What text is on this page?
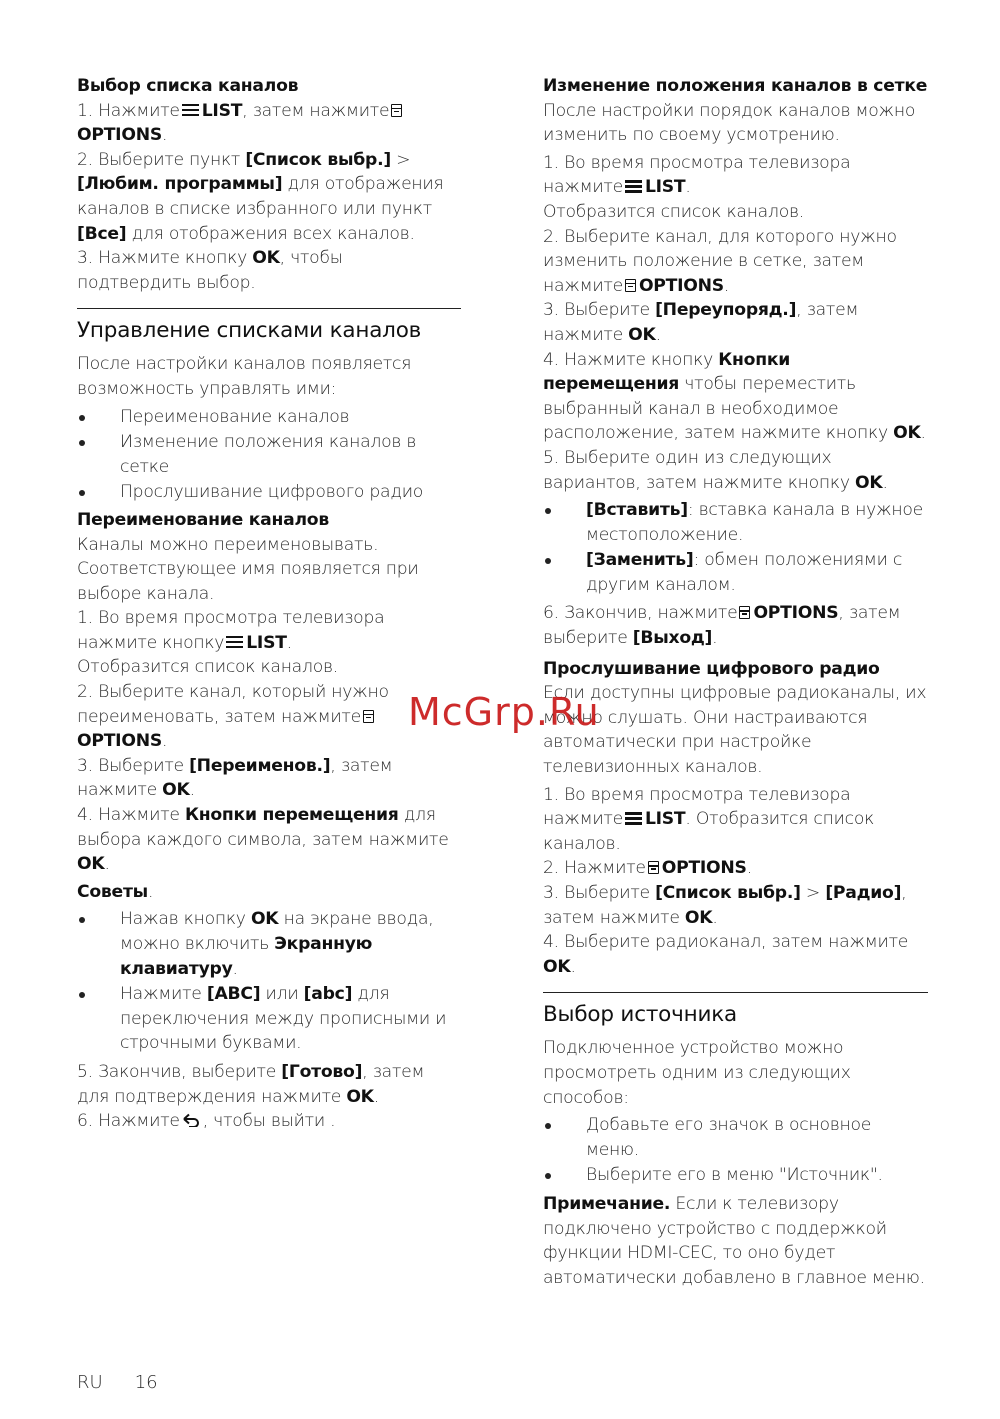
Выбор списка каналов

1. Нажмите LIST, затем нажмите
OPTIONS.

2. Выберите пункт [Список выбр.] > [Любим. программы] для отображения каналов в списке избранного или пункт [Все] для отображения всех каналов.

3. Нажмите кнопку OK, чтобы подтвердить выбор.

Управление списками каналов

После настройки каналов появляется возможность управлять ими:

Переименование каналов
Изменение положения каналов в сетке
Прослушивание цифрового радио
Переименование каналов

Каналы можно переименовывать. Соответствующее имя появляется при выборе канала.

1. Во время просмотра телевизора нажмите кнопку LIST.

Отобразится список каналов.

2. Выберите канал, который нужно переименовать, затем нажмите
OPTIONS.

3. Выберите [Переименов.], затем нажмите OK.

4. Нажмите Кнопки перемещения для выбора каждого символа, затем нажмите OK.

Советы.

Нажав кнопку OK на экране ввода, можно включить Экранную клавиатуру.
Нажмите [ABC] или [abc] для переключения между прописными и строчными буквами.

5. Закончив, выберите [Готово], затем для подтверждения нажмите OK.

6. Нажмите , чтобы выйти .

Изменение положения каналов в сетке

После настройки порядок каналов можно изменить по своему усмотрению.

1. Во время просмотра телевизора нажмите LIST.

Отобразится список каналов.

2. Выберите канал, для которого нужно изменить положение в сетке, затем нажмите OPTIONS.

3. Выберите [Переупоряд.], затем нажмите OK.

4. Нажмите кнопку Кнопки перемещения чтобы переместить выбранный канал в необходимое расположение, затем нажмите кнопку OK.

5. Выберите один из следующих вариантов, затем нажмите кнопку OK.

[Вставить]: вставка канала в нужное местоположение.
[Заменить]: обмен положениями с другим каналом.

6. Закончив, нажмите OPTIONS, затем выберите [Выход].

Прослушивание цифрового радио

Если доступны цифровые радиоканалы, их можно слушать. Они настраиваются автоматически при настройке телевизионных каналов.

1. Во время просмотра телевизора нажмите LIST. Отобразится список каналов.

2. Нажмите OPTIONS.

3. Выберите [Список выбр.] > [Радио], затем нажмите OK.

4. Выберите радиоканал, затем нажмите OK.

Выбор источника

Подключенное устройство можно просмотреть одним из следующих способов:

Добавьте его значок в основное меню.
Выберите его в меню "Источник".

Примечание. Если к телевизору подключено устройство с поддержкой функции HDMI-CEC, то оно будет автоматически добавлено в главное меню.

McGrp.Ru
RU 16
